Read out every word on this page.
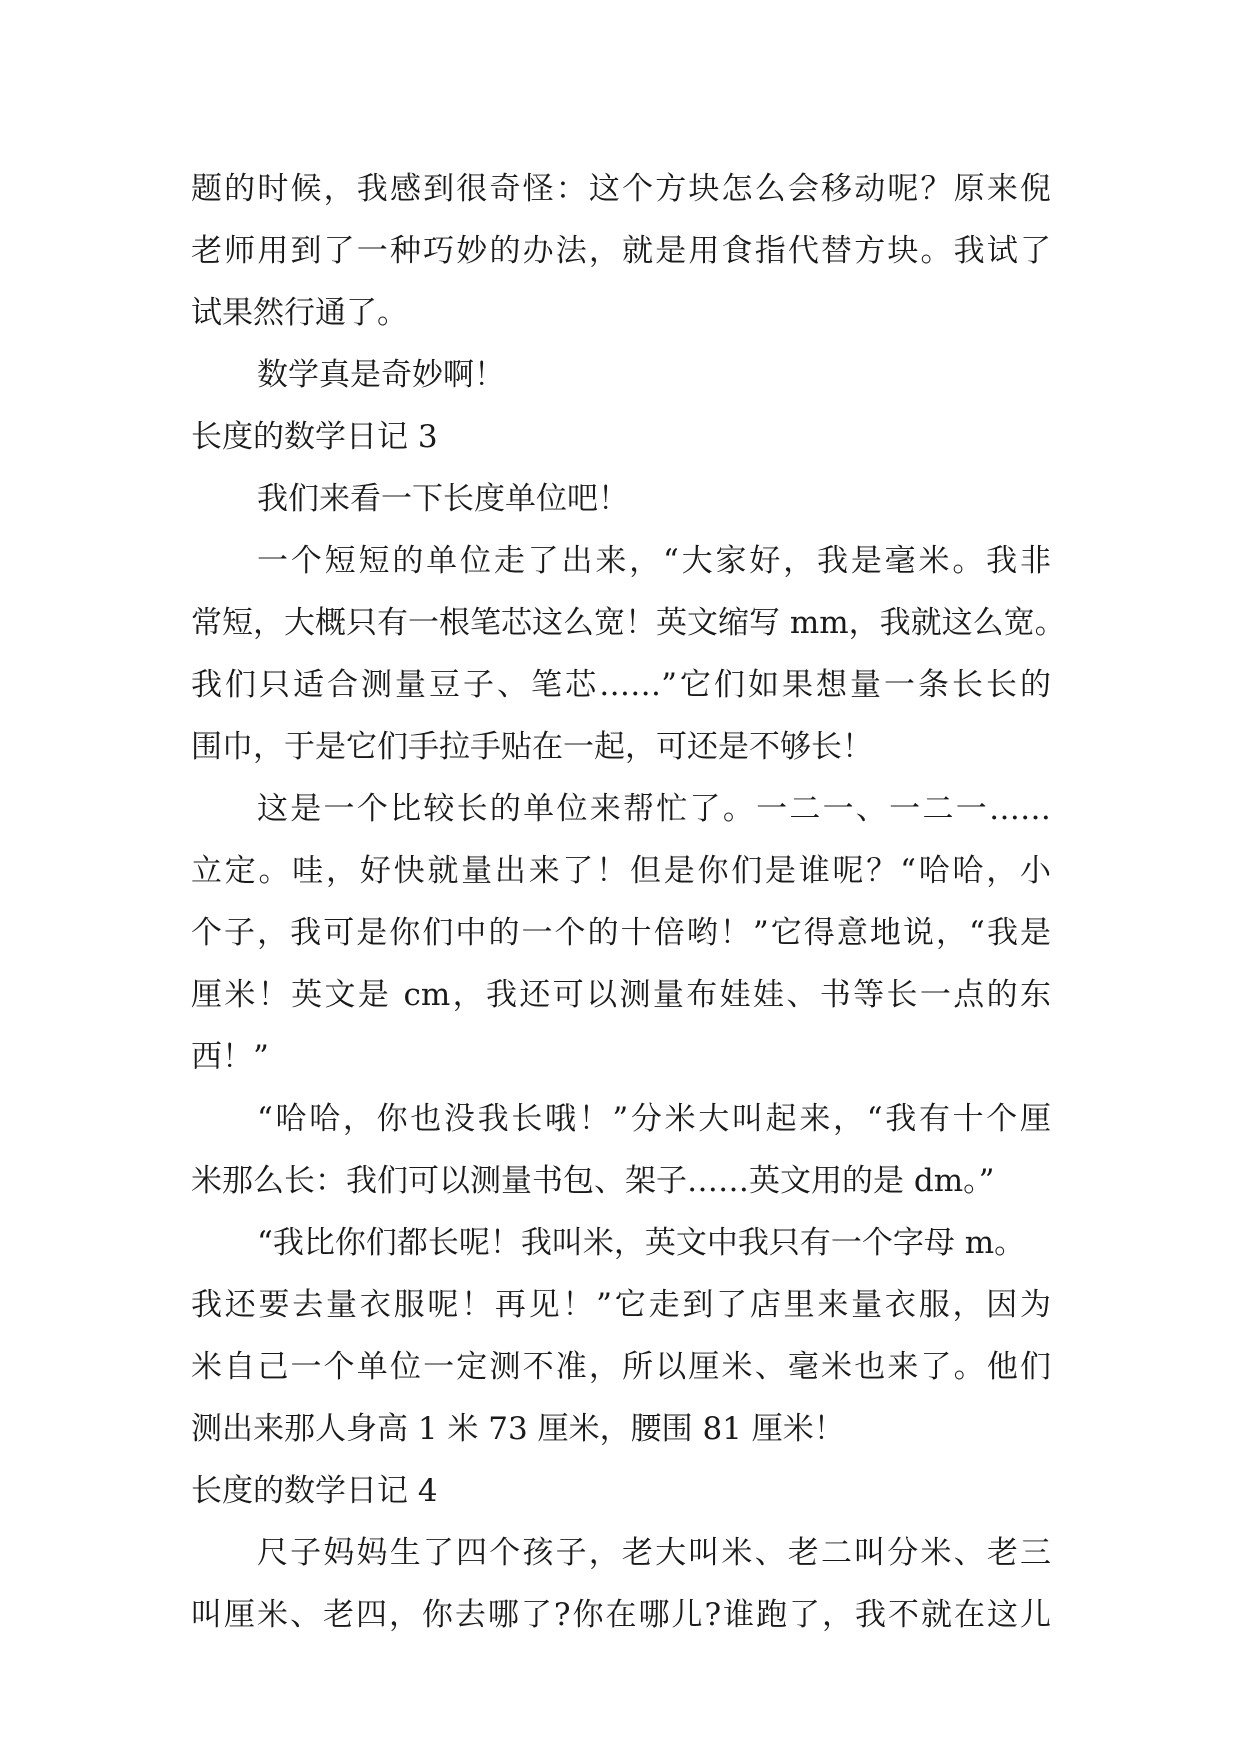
题的时候，我感到很奇怪：这个方块怎么会移动呢？原来倪
老师用到了一种巧妙的办法，就是用食指代替方块。我试了
试果然行通了。
数学真是奇妙啊！
长度的数学日记 3
我们来看一下长度单位吧！
一个短短的单位走了出来，“大家好，我是毫米。我非
常短，大概只有一根笔芯这么宽！英文缩写 mm，我就这么宽。
我们只适合测量豆子、笔芯……”它们如果想量一条长长的
围巾，于是它们手拉手贴在一起，可还是不够长！
这是一个比较长的单位来帮忙了。一二一、一二一……
立定。哇，好快就量出来了！但是你们是谁呢？“哈哈，小
个子，我可是你们中的一个的十倍哟！”它得意地说，“我是
厘米！英文是 cm，我还可以测量布娃娃、书等长一点的东
西！”
“哈哈，你也没我长哦！”分米大叫起来，“我有十个厘
米那么长：我们可以测量书包、架子……英文用的是 dm。”
“我比你们都长呢！我叫米，英文中我只有一个字母 m。
我还要去量衣服呢！再见！”它走到了店里来量衣服，因为
米自己一个单位一定测不准，所以厘米、毫米也来了。他们
测出来那人身高 1 米 73 厘米，腰围 81 厘米！
长度的数学日记 4
尺子妈妈生了四个孩子，老大叫米、老二叫分米、老三
叫厘米、老四，你去哪了?你在哪儿?谁跑了，我不就在这儿
